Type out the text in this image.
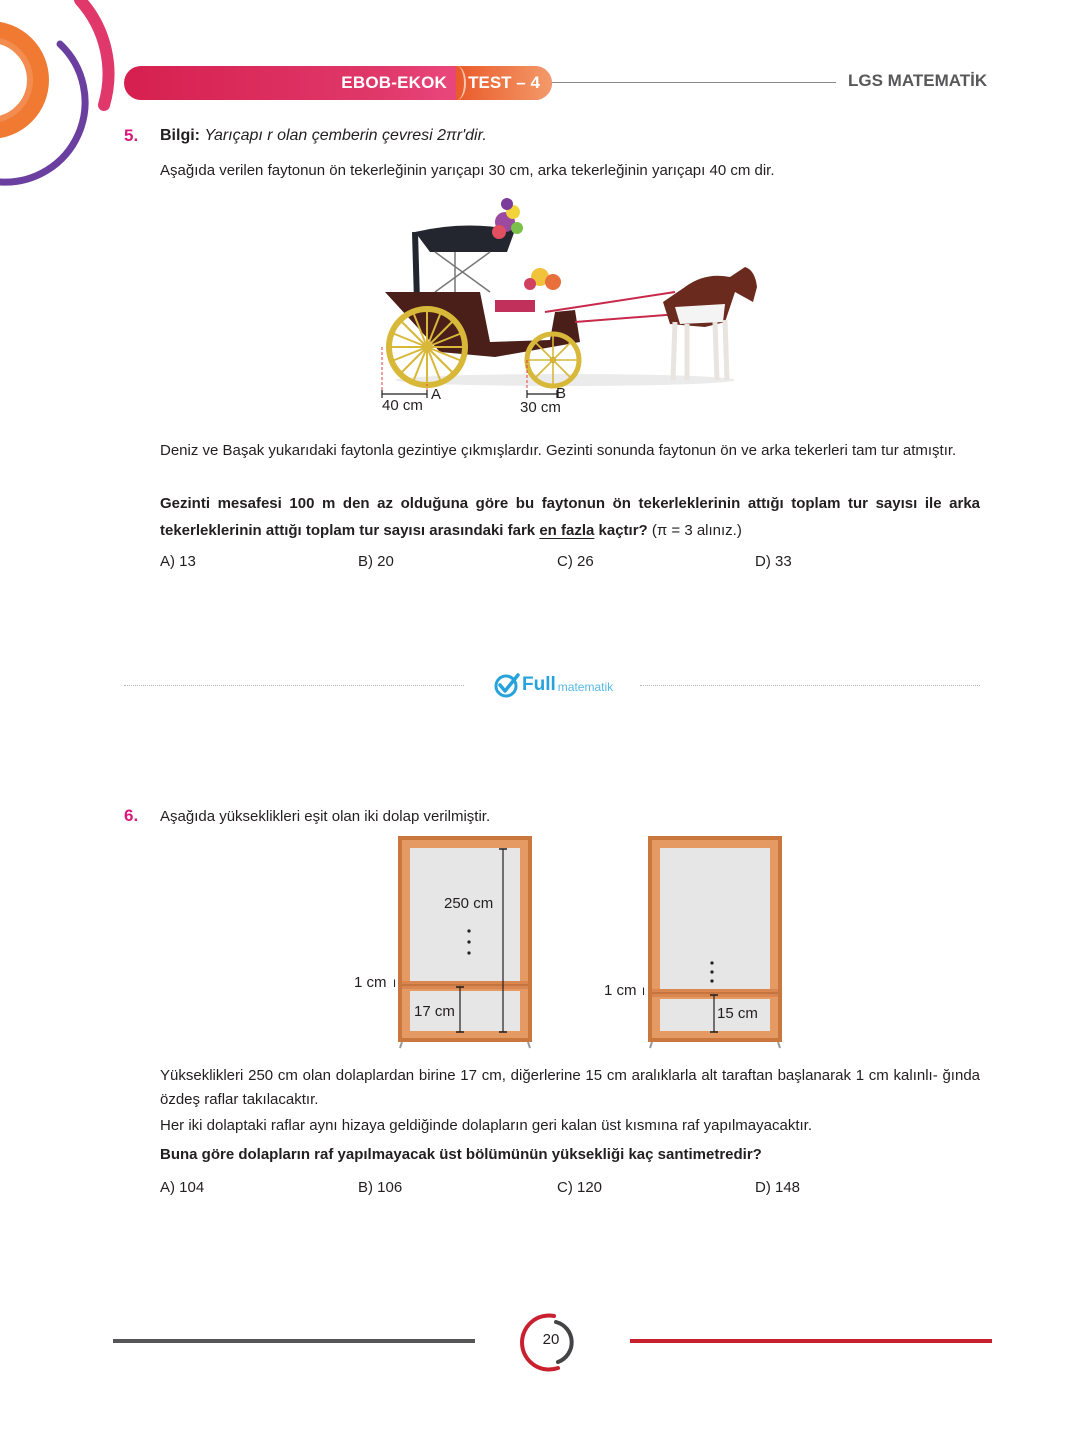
EBOB-EKOK	TEST – 4	LGS MATEMATİK
5. Bilgi: Yarıçapı r olan çemberin çevresi 2πr'dir.
Aşağıda verilen faytonun ön tekerleğinin yarıçapı 30 cm, arka tekerleğinin yarıçapı 40 cm dir.
A
40 cm
B
30 cm
Deniz ve Başak yukarıdaki faytonla gezintiye çıkmışlardır. Gezinti sonunda faytonun ön ve arka tekerleri tam tur atmıştır.
Gezinti mesafesi 100 m den az olduğuna göre bu faytonun ön tekerleklerinin attığı toplam tur sayısı ile arka tekerleklerinin attığı toplam tur sayısı arasındaki fark en fazla kaçtır? (π = 3 alınız.)
A) 13	B) 20	C) 26	D) 33
Full matematik
6. Aşağıda yükseklikleri eşit olan iki dolap verilmiştir.
250 cm
1 cm I
17 cm
1 cm I
15 cm
Yükseklikleri 250 cm olan dolaplardan birine 17 cm, diğerlerine 15 cm aralıklarla alt taraftan başlanarak 1 cm kalınlı- ğında özdeş raflar takılacaktır.
Her iki dolaptaki raflar aynı hizaya geldiğinde dolapların geri kalan üst kısmına raf yapılmayacaktır.
Buna göre dolapların raf yapılmayacak üst bölümünün yüksekliği kaç santimetredir?
A) 104	B) 106	C) 120	D) 148
20
